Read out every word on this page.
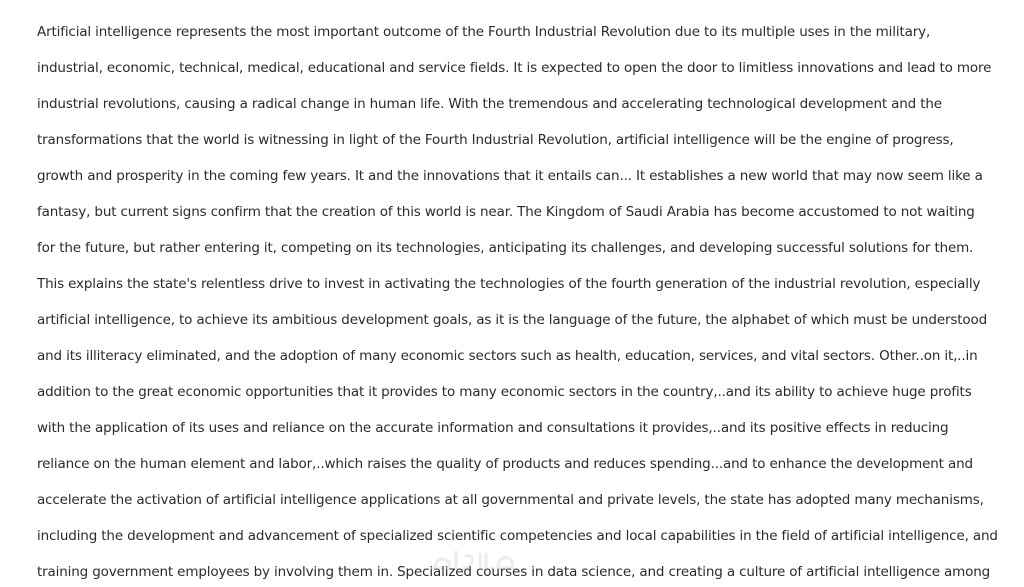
Artificial intelligence represents the most important outcome of the Fourth Industrial Revolution due to its multiple uses in the military,
industrial, economic, technical, medical, educational and service fields. It is expected to open the door to limitless innovations and lead to more
industrial revolutions, causing a radical change in human life. With the tremendous and accelerating technological development and the
transformations that the world is witnessing in light of the Fourth Industrial Revolution, artificial intelligence will be the engine of progress,
growth and prosperity in the coming few years. It and the innovations that it entails can... It establishes a new world that may now seem like a
fantasy, but current signs confirm that the creation of this world is near. The Kingdom of Saudi Arabia has become accustomed to not waiting
for the future, but rather entering it, competing on its technologies, anticipating its challenges, and developing successful solutions for them.
This explains the state's relentless drive to invest in activating the technologies of the fourth generation of the industrial revolution, especially
artificial intelligence, to achieve its ambitious development goals, as it is the language of the future, the alphabet of which must be understood
and its illiteracy eliminated, and the adoption of many economic sectors such as health, education, services, and vital sectors. Other..on it,..in
addition to the great economic opportunities that it provides to many economic sectors in the country,..and its ability to achieve huge profits
with the application of its uses and reliance on the accurate information and consultations it provides,..and its positive effects in reducing
reliance on the human element and labor,..which raises the quality of products and reduces spending...and to enhance the development and
accelerate the activation of artificial intelligence applications at all governmental and private levels, the state has adopted many mechanisms,
including the development and advancement of specialized scientific competencies and local capabilities in the field of artificial intelligence, and
training government employees by involving them in. Specialized courses in data science, and creating a culture of artificial intelligence among
